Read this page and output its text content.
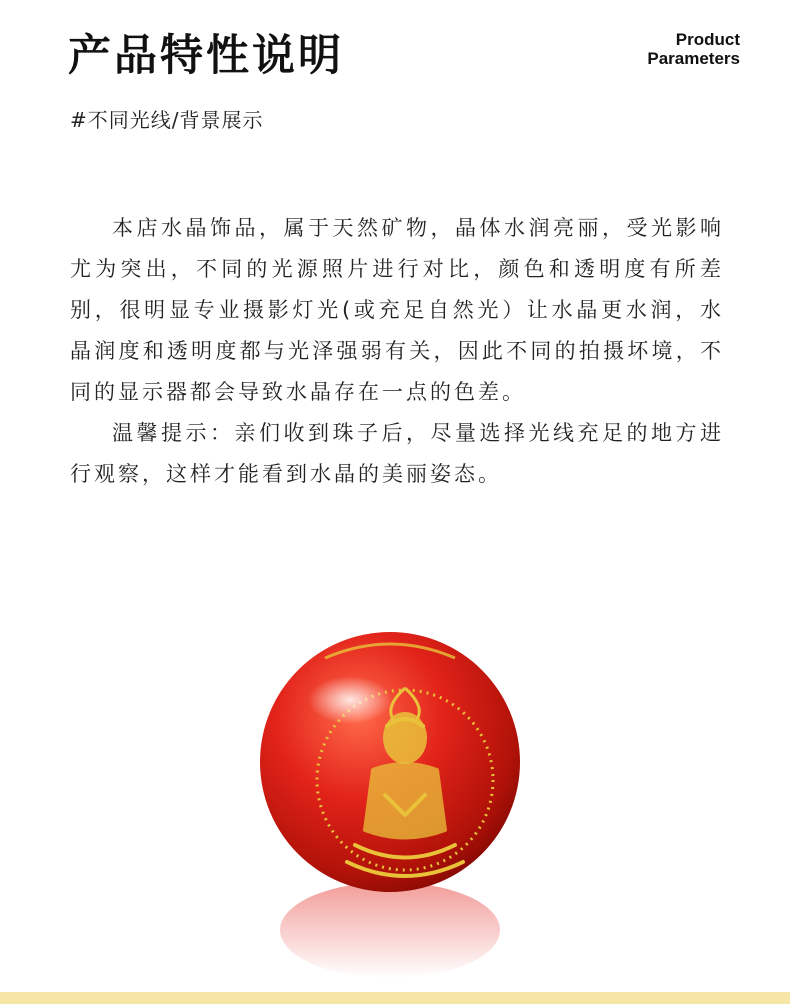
产品特性说明	Product
Parameters

#不同光线/背景展示

本店水晶饰品，属于天然矿物，晶体水润亮丽，受光影响尤为突出，不同的光源照片进行对比，颜色和透明度有所差别，很明显专业摄影灯光(或充足自然光）让水晶更水润，水晶润度和透明度都与光泽强弱有关，因此不同的拍摄坏境，不同的显示器都会导致水晶存在一点的色差。

温馨提示：亲们收到珠子后，尽量选择光线充足的地方进行观察，这样才能看到水晶的美丽姿态。
